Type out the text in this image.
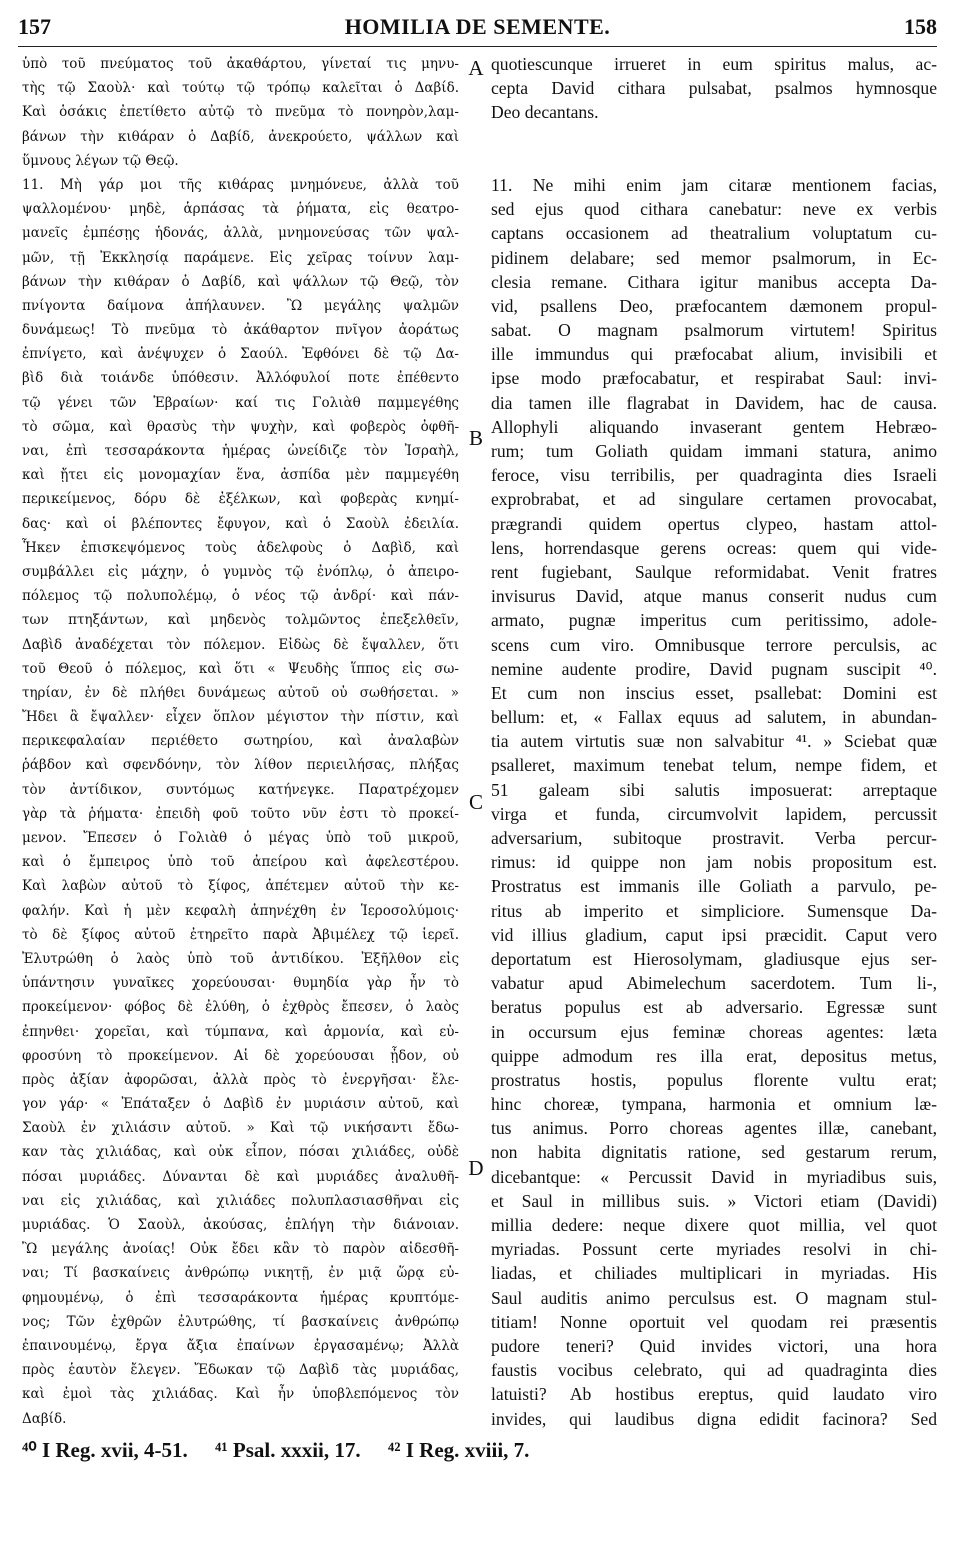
157	HOMILIA DE SEMENTE.	158
ὑπὸ τοῦ πνεύματος τοῦ ἀκαθάρτου, γίνεταί τις μηνυ-
τὴς τῷ Σαοὺλ· καὶ τούτῳ τῷ τρόπῳ καλεῖται ὁ Δαβίδ.
Καὶ ὁσάκις ἐπετίθετο αὐτῷ τὸ πνεῦμα τὸ πονηρὸν,λαμ-
βάνων τὴν κιθάραν ὁ Δαβίδ, ἀνεκρούετο, ψάλλων καὶ
ὕμνους λέγων τῷ Θεῷ.
11. Μὴ γάρ μοι τῆς κιθάρας μνημόνευε, ἀλλὰ τοῦ
ψαλλομένου· μηδὲ, ἁρπάσας τὰ ῥήματα, εἰς θεατρο-
μανεῖς ἐμπέσῃς ἡδονάς, ἀλλὰ, μνημονεύσας τῶν ψαλ-
μῶν, τῇ Ἐκκλησίᾳ παράμενε. Εἰς χεῖρας τοίνυν λαμ-
βάνων τὴν κιθάραν ὁ Δαβίδ, καὶ ψάλλων τῷ Θεῷ, τὸν
πνίγοντα δαίμονα ἀπήλαυνεν. Ὢ μεγάλης ψαλμῶν
δυνάμεως! Τὸ πνεῦμα τὸ ἀκάθαρτον πνῖγον ἀοράτως
ἐπνίγετο, καὶ ἀνέψυχεν ὁ Σαούλ. Ἐφθόνει δὲ τῷ Δα-
βὶδ διὰ τοιάνδε ὑπόθεσιν. Ἀλλόφυλοί ποτε ἐπέθεντο
τῷ γένει τῶν Ἑβραίων· καί τις Γολιὰθ παμμεγέθης
τὸ σῶμα, καὶ θρασὺς τὴν ψυχὴν, καὶ φοβερὸς ὀφθῆ-
ναι, ἐπὶ τεσσαράκοντα ἡμέρας ὠνείδιζε τὸν Ἰσραὴλ,
καὶ ᾔτει εἰς μονομαχίαν ἕνα, ἀσπίδα μὲν παμμεγέθη
περικείμενος, δόρυ δὲ ἐξέλκων, καὶ φοβερὰς κνημί-
δας· καὶ οἱ βλέποντες ἔφυγον, καὶ ὁ Σαοὺλ ἐδειλία.
Ἧκεν ἐπισκεψόμενος τοὺς ἀδελφοὺς ὁ Δαβὶδ, καὶ
συμβάλλει εἰς μάχην, ὁ γυμνὸς τῷ ἐνόπλῳ, ὁ ἀπειρο-
πόλεμος τῷ πολυπολέμῳ, ὁ νέος τῷ ἀνδρί· καὶ πάν-
των πτηξάντων, καὶ μηδενὸς τολμῶντος ἐπεξελθεῖν,
Δαβὶδ ἀναδέχεται τὸν πόλεμον. Εἰδὼς δὲ ἔψαλλεν, ὅτι
τοῦ Θεοῦ ὁ πόλεμος, καὶ ὅτι « Ψευδὴς ἵππος εἰς σω-
τηρίαν, ἐν δὲ πλήθει δυνάμεως αὐτοῦ οὐ σωθήσεται. »
Ἤδει ἃ ἔψαλλεν· εἶχεν ὅπλον μέγιστον τὴν πίστιν, καὶ
περικεφαλαίαν περιέθετο σωτηρίου, καὶ ἀναλαβὼν
ῥάβδον καὶ σφενδόνην, τὸν λίθον περιειλήσας, πλήξας
τὸν ἀντίδικον, συντόμως κατήνεγκε. Παρατρέχομεν
γὰρ τὰ ῥήματα· ἐπειδὴ φοῦ τοῦτο νῦν ἐστι τὸ προκεί-
μενον. Ἔπεσεν ὁ Γολιὰθ ὁ μέγας ὑπὸ τοῦ μικροῦ,
καὶ ὁ ἔμπειρος ὑπὸ τοῦ ἀπείρου καὶ ἀφελεστέρου.
Καὶ λαβὼν αὐτοῦ τὸ ξίφος, ἀπέτεμεν αὐτοῦ τὴν κε-
φαλήν. Καὶ ἡ μὲν κεφαλὴ ἀπηνέχθη ἐν Ἱεροσολύμοις·
τὸ δὲ ξίφος αὐτοῦ ἐτηρεῖτο παρὰ Ἀβιμέλεχ τῷ ἱερεῖ.
Ἐλυτρώθη ὁ λαὸς ὑπὸ τοῦ ἀντιδίκου. Ἐξῆλθον εἰς
ὑπάντησιν γυναῖκες χορεύουσαι· θυμηδία γὰρ ἦν τὸ
προκείμενον· φόβος δὲ ἐλύθη, ὁ ἐχθρὸς ἔπεσεν, ὁ λαὸς
ἐπηνθει· χορεῖαι, καὶ τύμπανα, καὶ ἁρμονία, καὶ εὐ-
φροσύνη τὸ προκείμενον. Αἱ δὲ χορεύουσαι ᾖδον, οὐ
πρὸς ἀξίαν ἀφορῶσαι, ἀλλὰ πρὸς τὸ ἐνεργῆσαι· ἔλε-
γον γάρ· « Ἐπάταξεν ὁ Δαβὶδ ἐν μυριάσιν αὐτοῦ, καὶ
Σαοὺλ ἐν χιλιάσιν αὐτοῦ. » Καὶ τῷ νικήσαντι ἔδω-
καν τὰς χιλιάδας, καὶ οὐκ εἶπον, πόσαι χιλιάδες, οὐδὲ
πόσαι μυριάδες. Δύνανται δὲ καὶ μυριάδες ἀναλυθῆ-
ναι εἰς χιλιάδας, καὶ χιλιάδες πολυπλασιασθῆναι εἰς
μυριάδας. Ὁ Σαοὺλ, ἀκούσας, ἐπλήγη τὴν διάνοιαν.
Ὢ μεγάλης ἀνοίας! Οὐκ ἔδει κἂν τὸ παρὸν αἰδεσθῆ-
ναι; Τί βασκαίνεις ἀνθρώπῳ νικητῇ, ἐν μιᾷ ὥρᾳ εὐ-
φημουμένῳ, ὁ ἐπὶ τεσσαράκοντα ἡμέρας κρυπτόμε-
νος; Τῶν ἐχθρῶν ἐλυτρώθης, τί βασκαίνεις ἀνθρώπῳ
ἐπαινουμένῳ, ἔργα ἄξια ἐπαίνων ἐργασαμένῳ; Ἀλλὰ
πρὸς ἑαυτὸν ἔλεγεν. Ἔδωκαν τῷ Δαβὶδ τὰς μυριάδας,
καὶ ἐμοὶ τὰς χιλιάδας. Καὶ ἦν ὑποβλεπόμενος τὸν
Δαβίδ.
quotiescunque irrueret in eum spiritus malus, ac-
cepta David cithara pulsabat, psalmos hymnosque
Deo decantans.
11. Ne mihi enim jam citaræ mentionem facias,
sed ejus quod cithara canebatur: neve ex verbis
captans occasionem ad theatralium voluptatum cu-
pidinem delabare; sed memor psalmorum, in Ec-
clesia remane. Cithara igitur manibus accepta Da-
vid, psallens Deo, præfocantem dæmonem propul-
sabat. O magnam psalmorum virtutem! Spiritus
ille immundus qui præfocabat alium, invisibili et
ipse modo præfocabatur, et respirabat Saul: invi-
dia tamen ille flagrabat in Davidem, hac de causa.
Allophyli aliquando invaserant gentem Hebræo-
rum; tum Goliath quidam immani statura, animo
feroce, visu terribilis, per quadraginta dies Israeli
exprobrabat, et ad singulare certamen provocabat,
prægrandi quidem opertus clypeo, hastam attol-
lens, horrendasque gerens ocreas: quem qui vide-
rent fugiebant, Saulque reformidabat. Venit fratres
invisurus David, atque manus conserit nudus cum
armato, pugnæ imperitus cum peritissimo, adole-
scens cum viro. Omnibusque terrore perculsis, ac
nemine audente prodire, David pugnam suscipit ⁴⁰.
Et cum non inscius esset, psallebat: Domini est
bellum: et, « Fallax equus ad salutem, in abundan-
tia autem virtutis suæ non salvabitur ⁴¹. » Sciebat quæ
psalleret, maximum tenebat telum, nempe fidem, et
51 galeam sibi salutis imposuerat: arreptaque
virga et funda, circumvolvit lapidem, percussit
adversarium, subitoque prostravit. Verba percur-
rimus: id quippe non jam nobis propositum est.
Prostratus est immanis ille Goliath a parvulo, pe-
ritus ab imperito et simpliciore. Sumensque Da-
vid illius gladium, caput ipsi præcidit. Caput vero
deportatum est Hierosolymam, gladiusque ejus ser-
vabatur apud Abimelechum sacerdotem. Tum li-,
beratus populus est ab adversario. Egressæ sunt
in occursum ejus feminæ choreas agentes: læta
quippe admodum res illa erat, depositus metus,
prostratus hostis, populus florente vultu erat;
hinc choreæ, tympana, harmonia et omnium læ-
tus animus. Porro choreas agentes illæ, canebant,
non habita dignitatis ratione, sed gestarum rerum,
dicebantque: « Percussit David in myriadibus suis,
et Saul in millibus suis. » Victori etiam (Davidi)
millia dedere: neque dixere quot millia, vel quot
myriadas. Possunt certe myriades resolvi in chi-
liadas, et chiliades multiplicari in myriadas. His
Saul auditis animo perculsus est. O magnam stul-
titiam! Nonne oportuit vel quodam rei præsentis
pudore teneri? Quid invides victori, una hora
faustis vocibus celebrato, qui ad quadraginta dies
latuisti? Ab hostibus ereptus, quid laudato viro
invides, qui laudibus digna edidit facinora? Sed
A
B
C
D
⁴⁰ I Reg. xvii, 4-51. ⁴¹ Psal. xxxii, 17. ⁴² I Reg. xviii, 7.
